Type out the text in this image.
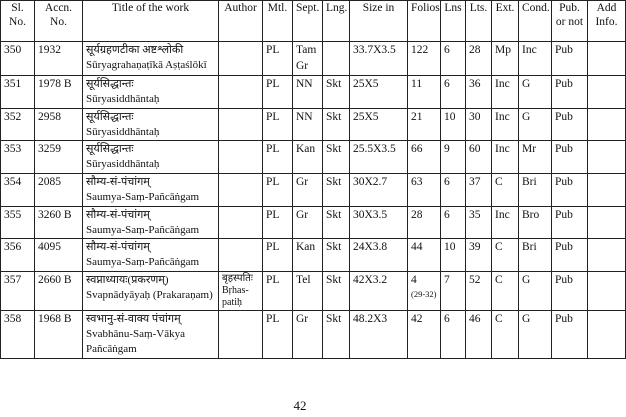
Sl. No.	Accn. No.	Title of the work	Author	Mtl.	Sept.	Lng.	Size in	Folios	Lns	Lts.	Ext.	Cond.	Pub. or not	Add Info.
350	1932	सूर्यग्रहणटीका अष्टश्लोकी
Sūryagrahaṇaṭīkā Aṣṭaślōkī		PL	Tam Gr		33.7X3.5	122	6	28	Mp	Inc	Pub	
351	1978 B	सूर्यसिद्धान्तः
Sūryasiddhāntaḥ		PL	NN	Skt	25X5	11	6	36	Inc	G	Pub	
352	2958	सूर्यसिद्धान्तः
Sūryasiddhāntaḥ		PL	NN	Skt	25X5	21	10	30	Inc	G	Pub	
353	3259	सूर्यसिद्धान्तः
Sūryasiddhāntaḥ		PL	Kan	Skt	25.5X3.5	66	9	60	Inc	Mr	Pub	
354	2085	सौम्य-सं-पंचांगम्
Saumya-Saṃ-Pañcāṅgam		PL	Gr	Skt	30X2.7	63	6	37	C	Bri	Pub	
355	3260 B	सौम्य-सं-पंचांगम्
Saumya-Saṃ-Pañcāṅgam		PL	Gr	Skt	30X3.5	28	6	35	Inc	Bro	Pub	
356	4095	सौम्य-सं-पंचांगम्
Saumya-Saṃ-Pañcāṅgam		PL	Kan	Skt	24X3.8	44	10	39	C	Bri	Pub	
357	2660 B	स्वप्नाध्यायः(प्रकरणम्)
Svapnādyāyaḥ (Prakaraṇam)	बृहस्पतिः Bṛhas-patiḥ	PL	Tel	Skt	42X3.2	4
(29-32)	7	52	C	G	Pub	
358	1968 B	स्वभानु-सं-वाक्य पंचांगम्
Svabhānu-Saṃ-Vākya Pañcāṅgam		PL	Gr	Skt	48.2X3	42	6	46	C	G	Pub	
42
